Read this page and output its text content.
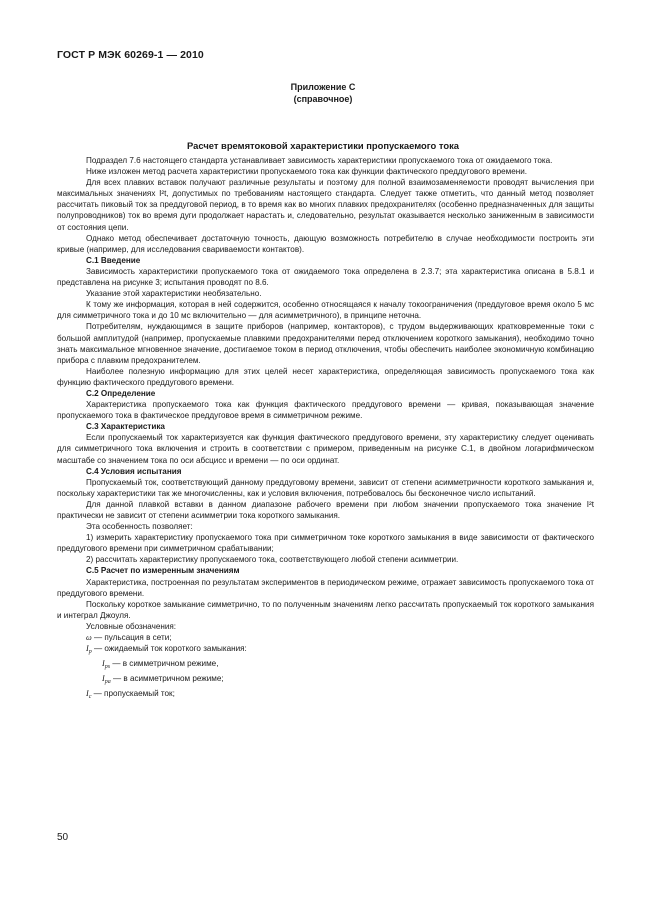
ГОСТ Р МЭК 60269-1 — 2010
Приложение С
(справочное)
Расчет времятоковой характеристики пропускаемого тока

Подраздел 7.6 настоящего стандарта устанавливает зависимость характеристики пропускаемого тока от ожидаемого тока.

Ниже изложен метод расчета характеристики пропускаемого тока как функции фактического преддугового времени.

Для всех плавких вставок получают различные результаты и поэтому для полной взаимозаменяемости проводят вычисления при максимальных значениях I²t, допустимых по требованиям настоящего стандарта. Следует также отметить, что данный метод позволяет рассчитать пиковый ток за преддуговой период, в то время как во многих плавких предохранителях (особенно предназначенных для защиты полупроводников) ток во время дуги продолжает нарастать и, следовательно, результат оказывается несколько заниженным в зависимости от состояния цепи.

Однако метод обеспечивает достаточную точность, дающую возможность потребителю в случае необходимости построить эти кривые (например, для исследования свариваемости контактов).

С.1 Введение

Зависимость характеристики пропускаемого тока от ожидаемого тока определена в 2.3.7; эта характеристика описана в 5.8.1 и представлена на рисунке 3; испытания проводят по 8.6.

Указание этой характеристики необязательно.

К тому же информация, которая в ней содержится, особенно относящаяся к началу токоограничения (преддуговое время около 5 мс для симметричного тока и до 10 мс включительно — для асимметричного), в принципе неточна.

Потребителям, нуждающимся в защите приборов (например, контакторов), с трудом выдерживающих кратковременные токи с большой амплитудой (например, пропускаемые плавкими предохранителями перед отключением короткого замыкания), необходимо точно знать максимальное мгновенное значение, достигаемое током в период отключения, чтобы обеспечить наиболее экономичную комбинацию прибора с плавким предохранителем.

Наиболее полезную информацию для этих целей несет характеристика, определяющая зависимость пропускаемого тока как функцию фактического преддугового времени.

С.2 Определение

Характеристика пропускаемого тока как функция фактического преддугового времени — кривая, показывающая значение пропускаемого тока в фактическое преддуговое время в симметричном режиме.

С.3 Характеристика

Если пропускаемый ток характеризуется как функция фактического преддугового времени, эту характеристику следует оценивать для симметричного тока включения и строить в соответствии с примером, приведенным на рисунке С.1, в двойном логарифмическом масштабе со значением тока по оси абсцисс и времени — по оси ординат.

С.4 Условия испытания

Пропускаемый ток, соответствующий данному преддуговому времени, зависит от степени асимметричности короткого замыкания и, поскольку характеристики так же многочисленны, как и условия включения, потребовалось бы бесконечное число испытаний.

Для данной плавкой вставки в данном диапазоне рабочего времени при любом значении пропускаемого тока значение I²t практически не зависит от степени асимметрии тока короткого замыкания.

Эта особенность позволяет:

1) измерить характеристику пропускаемого тока при симметричном токе короткого замыкания в виде зависимости от фактического преддугового времени при симметричном срабатывании;

2) рассчитать характеристику пропускаемого тока, соответствующего любой степени асимметрии.

С.5 Расчет по измеренным значениям

Характеристика, построенная по результатам экспериментов в периодическом режиме, отражает зависимость пропускаемого тока от преддугового времени.

Поскольку короткое замыкание симметрично, то по полученным значениям легко рассчитать пропускаемый ток короткого замыкания и интеграл Джоуля.

Условные обозначения:

ω — пульсация в сети;

$I_p$ — ожидаемый ток короткого замыкания:

$I_{ps}$ — в симметричном режиме,

$I_{pa}$ — в асимметричном режиме;

$I_c$ — пропускаемый ток;

50
